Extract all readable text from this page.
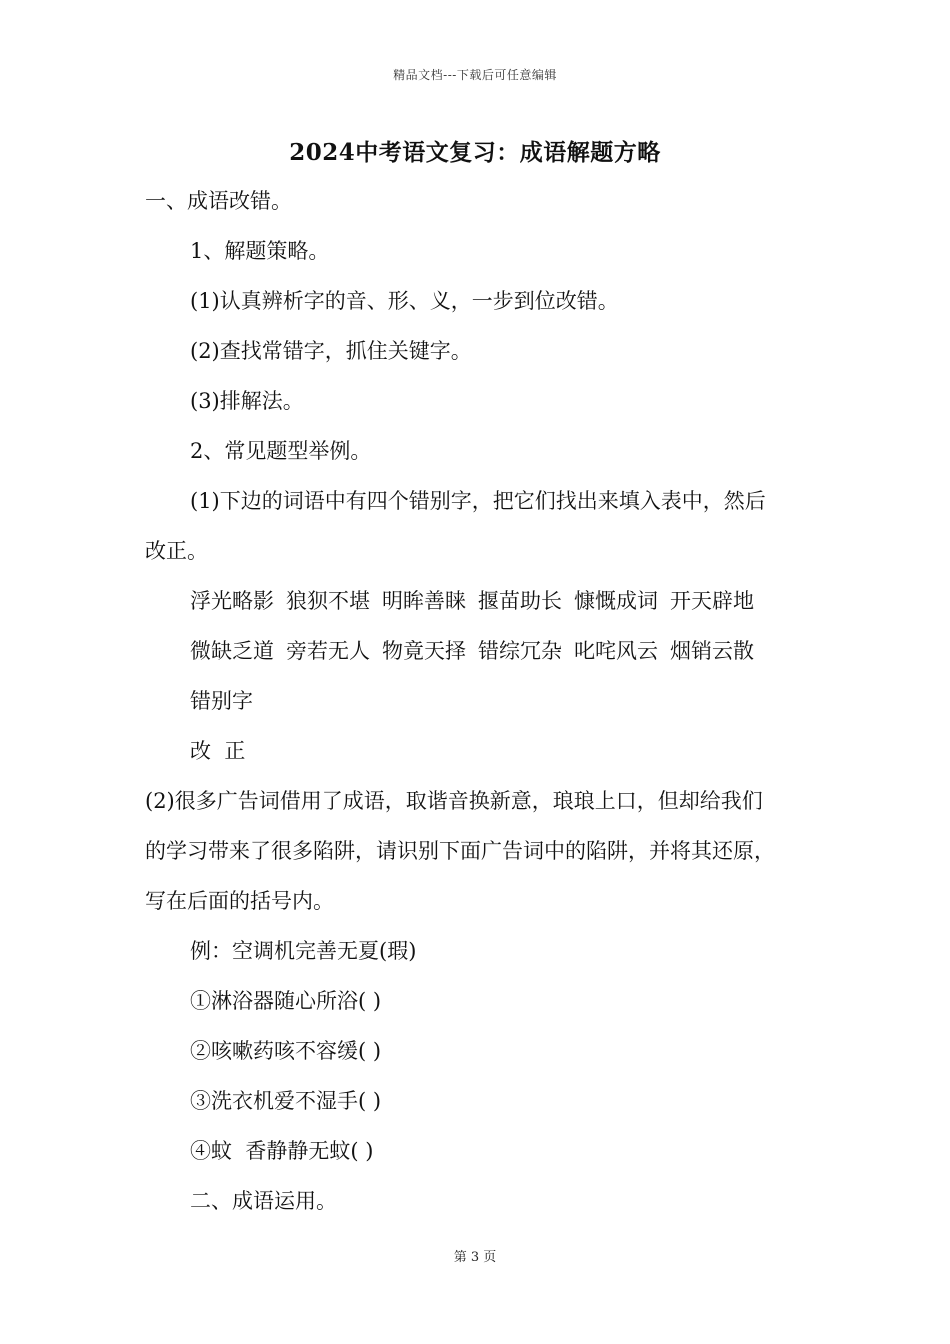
精品文档---下载后可任意编辑
2024中考语文复习：成语解题方略
一、成语改错。
1、解题策略。
(1)认真辨析字的音、形、义，一步到位改错。
(2)查找常错字，抓住关键字。
(3)排解法。
2、常见题型举例。
(1)下边的词语中有四个错别字，把它们找出来填入表中，然后
改正。
浮光略影 狼狈不堪 明眸善睐 揠苗助长 慷慨成词 开天辟地
微缺乏道 旁若无人 物竟天择 错综冗杂 叱咤风云 烟销云散
错别字
改  正
(2)很多广告词借用了成语，取谐音换新意，琅琅上口，但却给我们
的学习带来了很多陷阱，请识别下面广告词中的陷阱，并将其还原，
写在后面的括号内。
例：空调机完善无夏(瑕)
①淋浴器随心所浴( )
②咳嗽药咳不容缓( )
③洗衣机爱不湿手( )
④蚊  香静静无蚊( )
二、成语运用。
第 3 页
